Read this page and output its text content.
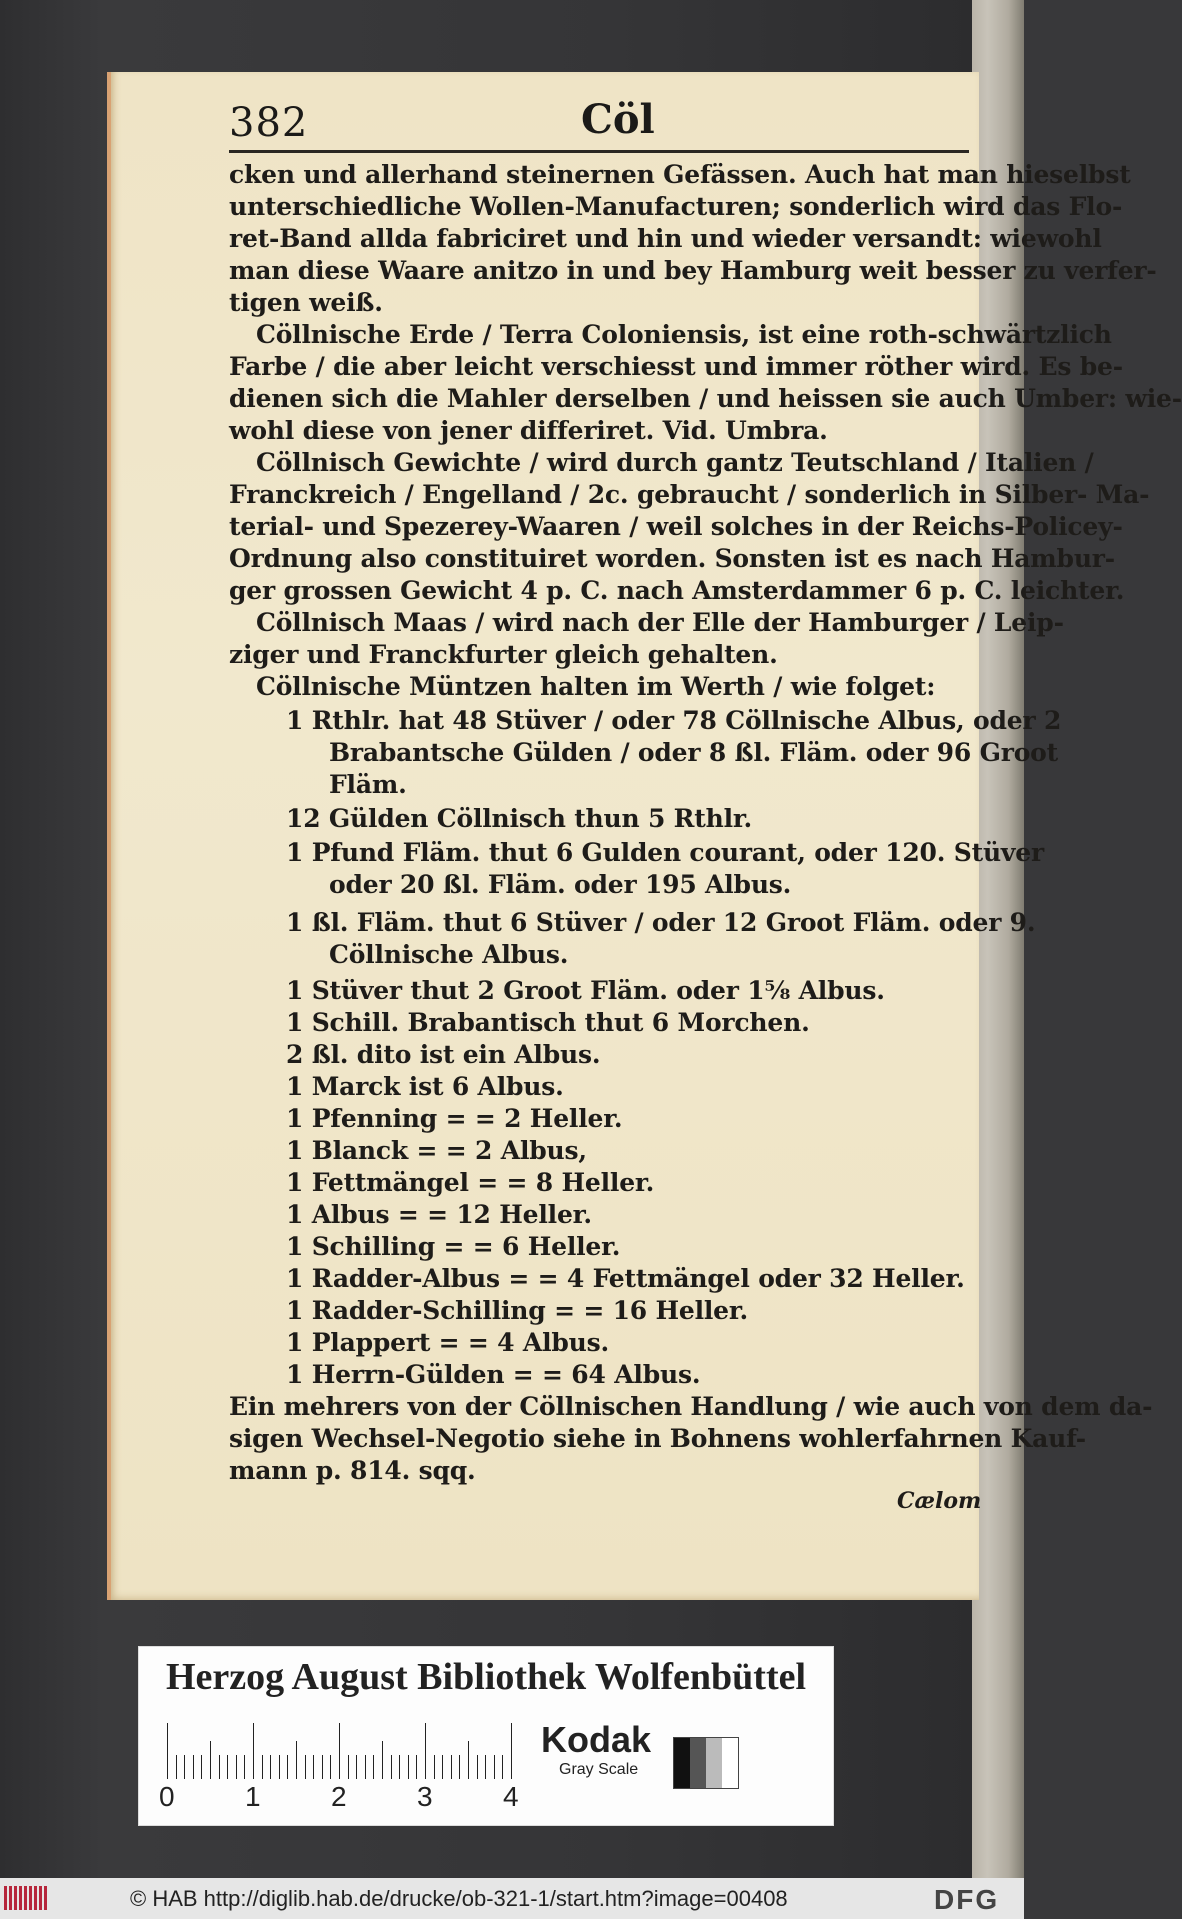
382	Cöl
cken und allerhand steinernen Gefässen. Auch hat man hieselbst
unterschiedliche Wollen-Manufacturen; sonderlich wird das Flo-
ret-Band allda fabriciret und hin und wieder versandt: wiewohl
man diese Waare anitzo in und bey Hamburg weit besser zu verfer-
tigen weiß.
Cöllnische Erde / Terra Coloniensis, ist eine roth-schwärtzlich
Farbe / die aber leicht verschiesst und immer röther wird. Es be-
dienen sich die Mahler derselben / und heissen sie auch Umber: wie-
wohl diese von jener differiret. Vid. Umbra.
Cöllnisch Gewichte / wird durch gantz Teutschland / Italien /
Franckreich / Engelland / 2c. gebraucht / sonderlich in Silber- Ma-
terial- und Spezerey-Waaren / weil solches in der Reichs-Policey-
Ordnung also constituiret worden. Sonsten ist es nach Hambur-
ger grossen Gewicht 4 p. C. nach Amsterdammer 6 p. C. leichter.
Cöllnisch Maas / wird nach der Elle der Hamburger / Leip-
ziger und Franckfurter gleich gehalten.
Cöllnische Müntzen halten im Werth / wie folget:
1 Rthlr. hat 48 Stüver / oder 78 Cöllnische Albus, oder 2
Brabantsche Gülden / oder 8 ßl. Fläm. oder 96 Groot
Fläm.
12 Gülden Cöllnisch thun 5 Rthlr.
1 Pfund Fläm. thut 6 Gulden courant, oder 120. Stüver
oder 20 ßl. Fläm. oder 195 Albus.
1 ßl. Fläm. thut 6 Stüver / oder 12 Groot Fläm. oder 9.
Cöllnische Albus.
1 Stüver thut 2 Groot Fläm. oder 1⅝ Albus.
1 Schill. Brabantisch thut 6 Morchen.
2 ßl. dito ist ein Albus.
1 Marck ist 6 Albus.
1 Pfenning = = 2 Heller.
1 Blanck = = 2 Albus,
1 Fettmängel = = 8 Heller.
1 Albus = = 12 Heller.
1 Schilling = = 6 Heller.
1 Radder-Albus = = 4 Fettmängel oder 32 Heller.
1 Radder-Schilling = = 16 Heller.
1 Plappert = = 4 Albus.
1 Herrn-Gülden = = 64 Albus.
Ein mehrers von der Cöllnischen Handlung / wie auch von dem da-
sigen Wechsel-Negotio siehe in Bohnens wohlerfahrnen Kauf-
mann p. 814. sqq.
Cælom
Herzog August Bibliothek Wolfenbüttel
0	1	2	3	4
Kodak
Gray Scale
© HAB http://diglib.hab.de/drucke/ob-321-1/start.htm?image=00408	DFG
